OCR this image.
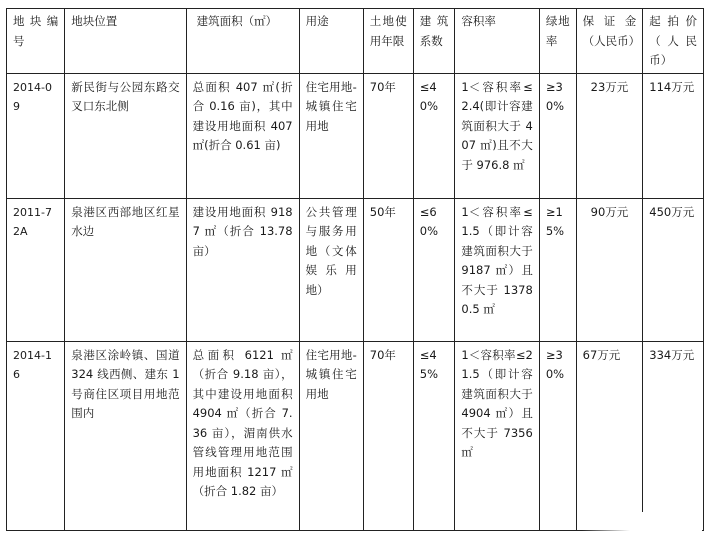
地块编号	地块位置	建筑面积（㎡）	用途	土地使用年限	建筑系数	容积率	绿地率	保证金（人民币）	起拍价（人民币）
2014-09	新民街与公园东路交叉口东北侧	总面积 407 ㎡(折合 0.16 亩)，其中建设用地面积 407 ㎡(折合 0.61 亩)	住宅用地-城镇住宅用地	70年	≤40%	1＜容积率≤2.4(即计容建筑面积大于 407 ㎡)且不大于 976.8 ㎡	≥30%	23万元	114万元
2011-72A	泉港区西部地区红星水边	建设用地面积 9187 ㎡（折合 13.78亩）	公共管理与服务用地（文体娱乐用地）	50年	≤60%	1＜容积率≤1.5（即计容建筑面积大于 9187 ㎡）且不大于 13780.5 ㎡	≥15%	90万元	450万元
2014-16	泉港区涂岭镇、国道 324 线西侧、建东 1 号商住区项目用地范围内	总面积 6121 ㎡（折合 9.18 亩），其中建设用地面积 4904 ㎡（折合 7.36 亩），湄南供水管线管理用地范围用地面积 1217 ㎡（折合 1.82 亩）	住宅用地-城镇住宅用地	70年	≤45%	1＜容积率≤21.5（即计容建筑面积大于 4904 ㎡）且不大于 7356 ㎡	≥30%	67万元	334万元
